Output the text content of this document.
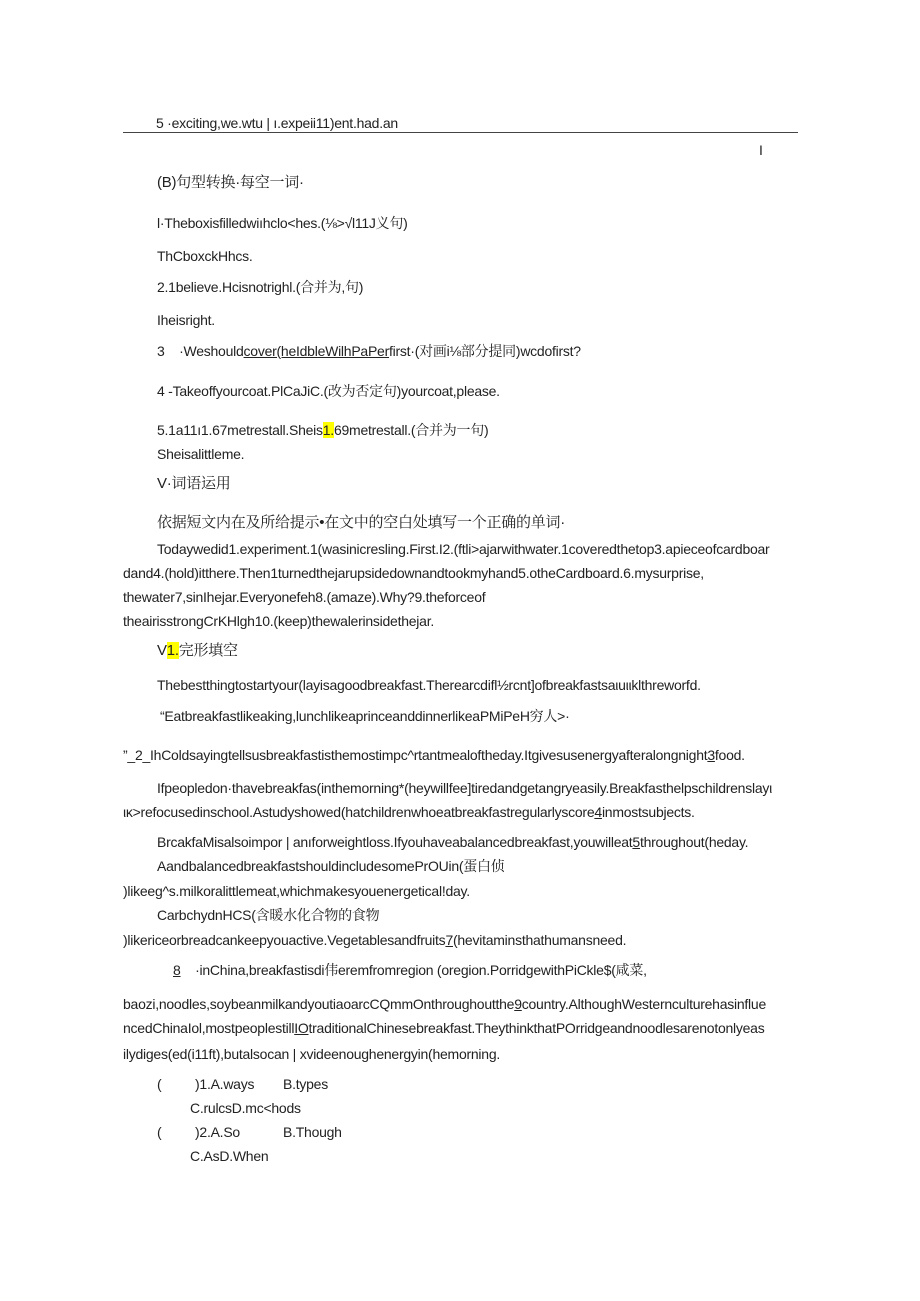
5 ·exciting,we.wtu | ı.expeii11)ent.had.an
I
(B)句型转换·每空一词·
l·Theboxisfilledwiıhclo<hes.(⅛>√l11J义句)
ThCboxckHhcs.
2.1believe.Hcisnotrighl.(合并为,句)
Iheisright.
3 ·Weshouldcover(heIdbleWilhPaPerfirst·(对画i⅛部分提同)wcdofirst?
4 -Takeoffyourcoat.PlCaJiC.(改为否定句)yourcoat,please.
5.1a11ı1.67metrestall.Sheis1.69metrestall.(合并为一句)
Sheisalittleme.
V·词语运用
依据短文内在及所给提示•在文中的空白处填写一个正确的单词·
Todaywedid1.experiment.1(wasinicresling.First.I2.(ftli>ajarwithwater.1coveredthetop3.apieceofcardboar
dand4.(hold)itthere.Then1turnedthejarupsidedownandtookmyhand5.otheCardboard.6.mysurprise,
thewater7,sinIhejar.Everyonefeh8.(amaze).Why?9.theforceof
theairisstrongCrKHlgh10.(keep)thewalerinsidethejar.
V1.完形填空
Thebestthingtostartyour(layisagoodbreakfast.Therearcdifl½rcnt]ofbreakfastsaιuιιklthreworfd.
“Eatbreakfastlikeaking,lunchlikeaprinceanddinnerlikeaPMiPeH穷人>·
”_2_IhColdsayingtellsusbreakfastisthemostimpc^rtantmealoftheday.Itgivesusenergyafteralongnight3food.
Ifpeopledon·thavebreakfas(inthemorning*(heywillfee]tiredandgetangryeasily.Breakfasthelpschildrenslayι
ικ>refocusedinschool.Astudyshowed(hatchildrenwhoeatbreakfastregularlyscore4inmostsubjects.
BrcakfaMisalsoimpor | anıforweightloss.Ifyouhaveabalancedbreakfast,youwilleat5throughout(heday.
AandbalancedbreakfastshouldincludesomePrOUin(蛋白侦
)likeeg^s.milkoralittlemeat,whichmakesyouenergetical!day.
CarbchydnHCS(含暖水化合物的食物
)likericeorbreadcankeepyouactive.Vegetablesandfruits7(hevitaminsthathumansneed.
8 ·inChina,breakfastisdi伟eremfromregion (oregion.PorridgewithPiCkle$(咸菜,
baozi,noodles,soybeanmilkandyoutiaoarcCQmmOnthroughoutthe9country.AlthoughWesternculturehasinflue
ncedChinaIol,mostpeoplestillIOtraditionalChinesebreakfast.TheythinkthatPOrridgeandnoodlesarenotonlyeas
ilydiges(ed(i11ft),butalsocan | xvideenoughenergyin(hemorning.
( )1.A.ways B.types
C.rulcsD.mc<hods
( )2.A.So	B.Though
C.AsD.When
